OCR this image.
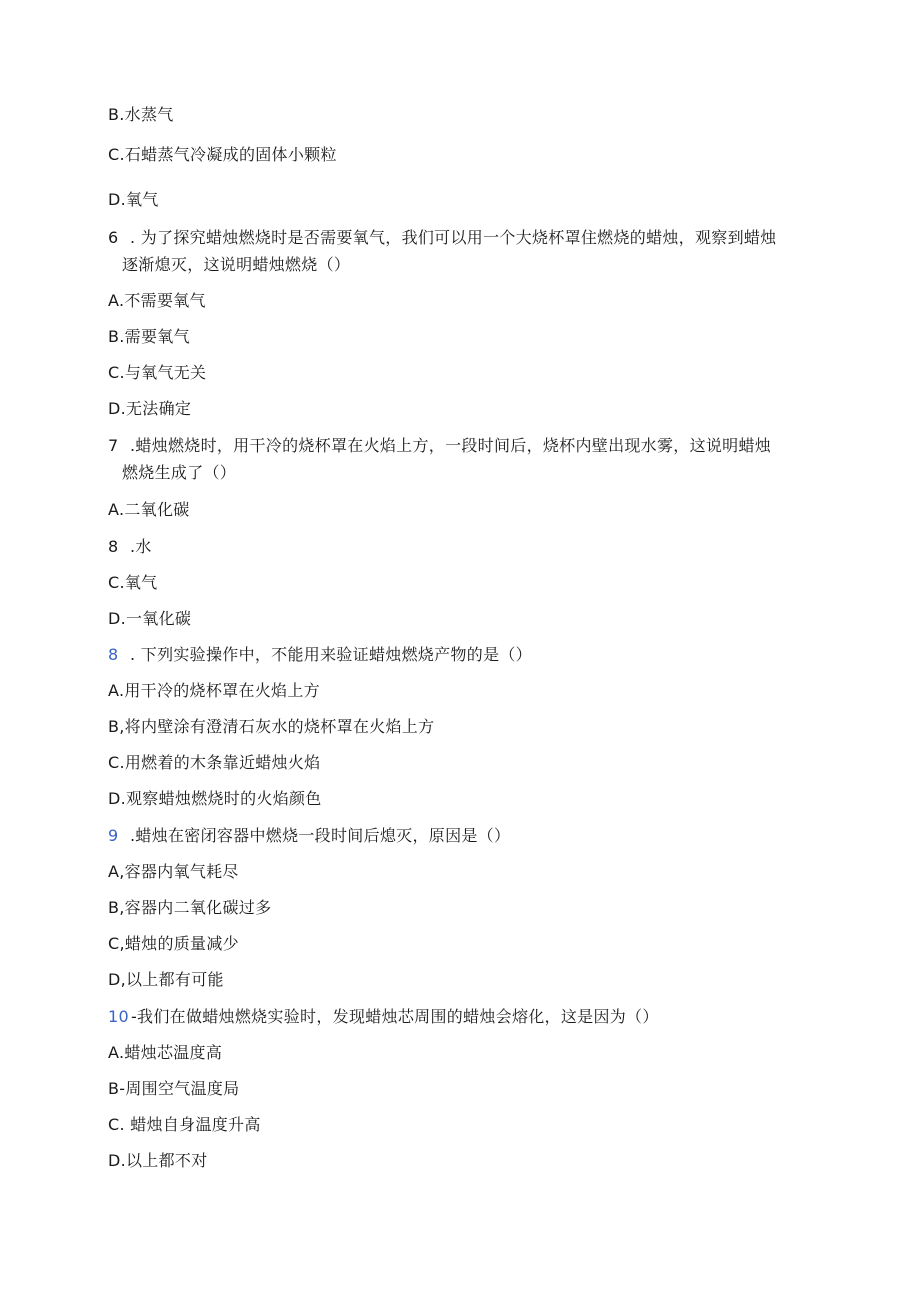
B.水蒸气
C.石蜡蒸气冷凝成的固体小颗粒
D.氧气
6 . 为了探究蜡烛燃烧时是否需要氧气，我们可以用一个大烧杯罩住燃烧的蜡烛，观察到蜡烛
逐渐熄灭，这说明蜡烛燃烧（）
A.不需要氧气
B.需要氧气
C.与氧气无关
D.无法确定
7 .蜡烛燃烧时，用干冷的烧杯罩在火焰上方，一段时间后，烧杯内壁出现水雾，这说明蜡烛
燃烧生成了（）
A.二氧化碳
8 .水
C.氧气
D.一氧化碳
8 . 下列实验操作中，不能用来验证蜡烛燃烧产物的是（）
A.用干冷的烧杯罩在火焰上方
B,将内壁涂有澄清石灰水的烧杯罩在火焰上方
C.用燃着的木条靠近蜡烛火焰
D.观察蜡烛燃烧时的火焰颜色
9 .蜡烛在密闭容器中燃烧一段时间后熄灭，原因是（）
A,容器内氧气耗尽
B,容器内二氧化碳过多
C,蜡烛的质量减少
D,以上都有可能
10 -我们在做蜡烛燃烧实验时，发现蜡烛芯周围的蜡烛会熔化，这是因为（）
A.蜡烛芯温度高
B-周围空气温度局
C. 蜡烛自身温度升高
D.以上都不对
